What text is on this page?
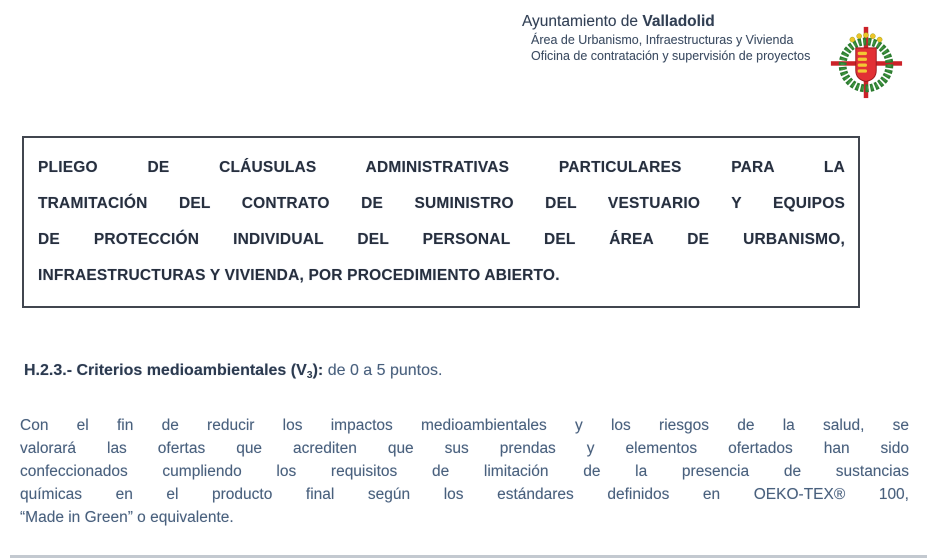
Ayuntamiento de Valladolid
Área de Urbanismo, Infraestructuras y Vivienda
Oficina de contratación y supervisión de proyectos
PLIEGO DE CLÁUSULAS ADMINISTRATIVAS PARTICULARES PARA LA
TRAMITACIÓN DEL CONTRATO DE SUMINISTRO DEL VESTUARIO Y EQUIPOS
DE PROTECCIÓN INDIVIDUAL DEL PERSONAL DEL ÁREA DE URBANISMO,
INFRAESTRUCTURAS Y VIVIENDA, POR PROCEDIMIENTO ABIERTO.
H.2.3.- Criterios medioambientales (V3): de 0 a 5 puntos.
Con el fin de reducir los impactos medioambientales y los riesgos de la salud, se
valorará las ofertas que acrediten que sus prendas y elementos ofertados han sido
confeccionados cumpliendo los requisitos de limitación de la presencia de sustancias
químicas en el producto final según los estándares definidos en OEKO-TEX® 100,
“Made in Green” o equivalente.
